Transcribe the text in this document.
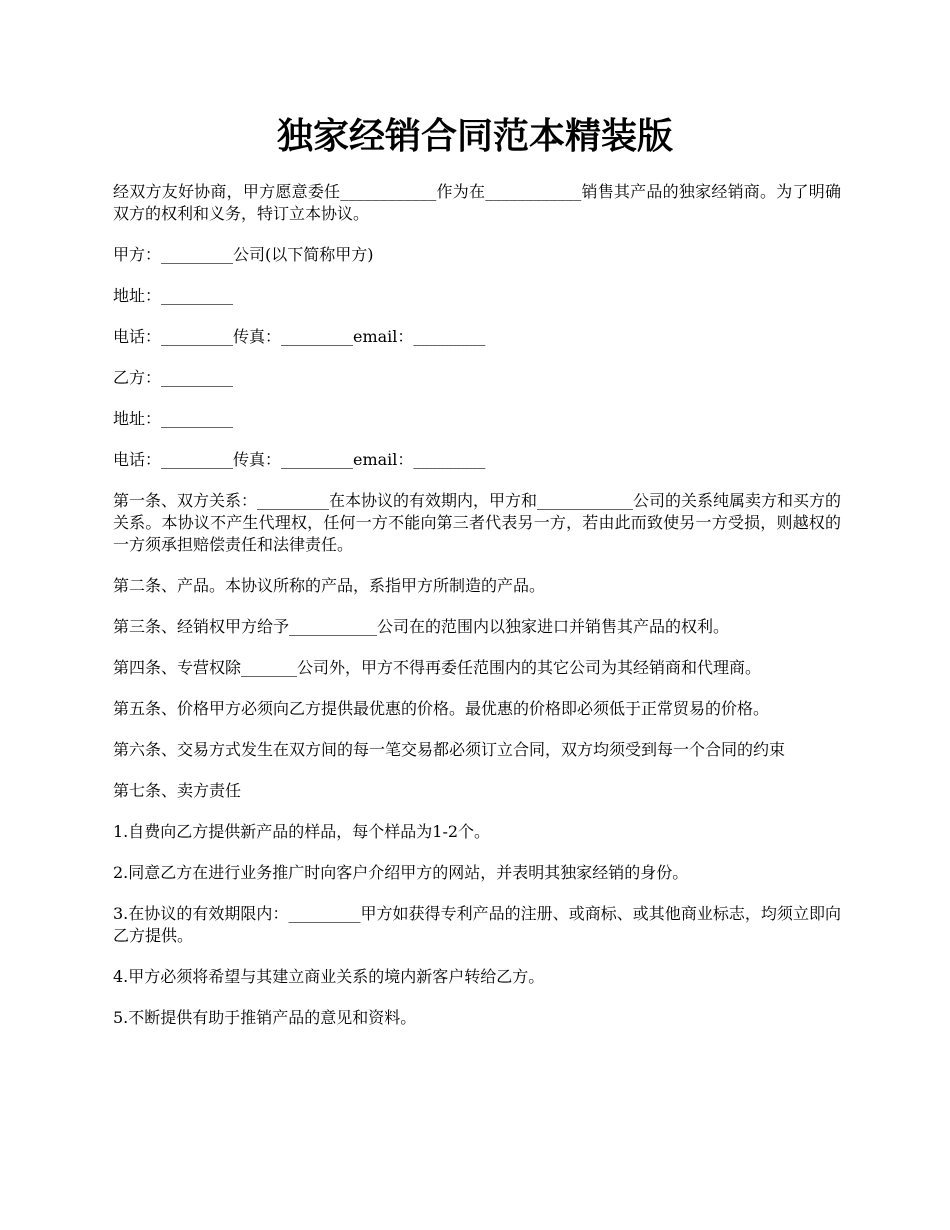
独家经销合同范本精装版

经双方友好协商，甲方愿意委任____________作为在____________销售其产品的独家经销商。为了明确双方的权利和义务，特订立本协议。

甲方：_________公司(以下简称甲方)

地址：_________

电话：_________传真：_________email：_________

乙方：_________

地址：_________

电话：_________传真：_________email：_________

第一条、双方关系：_________在本协议的有效期内，甲方和____________公司的关系纯属卖方和买方的关系。本协议不产生代理权，任何一方不能向第三者代表另一方，若由此而致使另一方受损，则越权的一方须承担赔偿责任和法律责任。

第二条、产品。本协议所称的产品，系指甲方所制造的产品。

第三条、经销权甲方给予___________公司在的范围内以独家进口并销售其产品的权利。

第四条、专营权除_______公司外，甲方不得再委任范围内的其它公司为其经销商和代理商。

第五条、价格甲方必须向乙方提供最优惠的价格。最优惠的价格即必须低于正常贸易的价格。

第六条、交易方式发生在双方间的每一笔交易都必须订立合同，双方均须受到每一个合同的约束

第七条、卖方责任

1.自费向乙方提供新产品的样品，每个样品为1-2个。

2.同意乙方在进行业务推广时向客户介绍甲方的网站，并表明其独家经销的身份。

3.在协议的有效期限内：_________甲方如获得专利产品的注册、或商标、或其他商业标志，均须立即向乙方提供。

4.甲方必须将希望与其建立商业关系的境内新客户转给乙方。

5.不断提供有助于推销产品的意见和资料。
